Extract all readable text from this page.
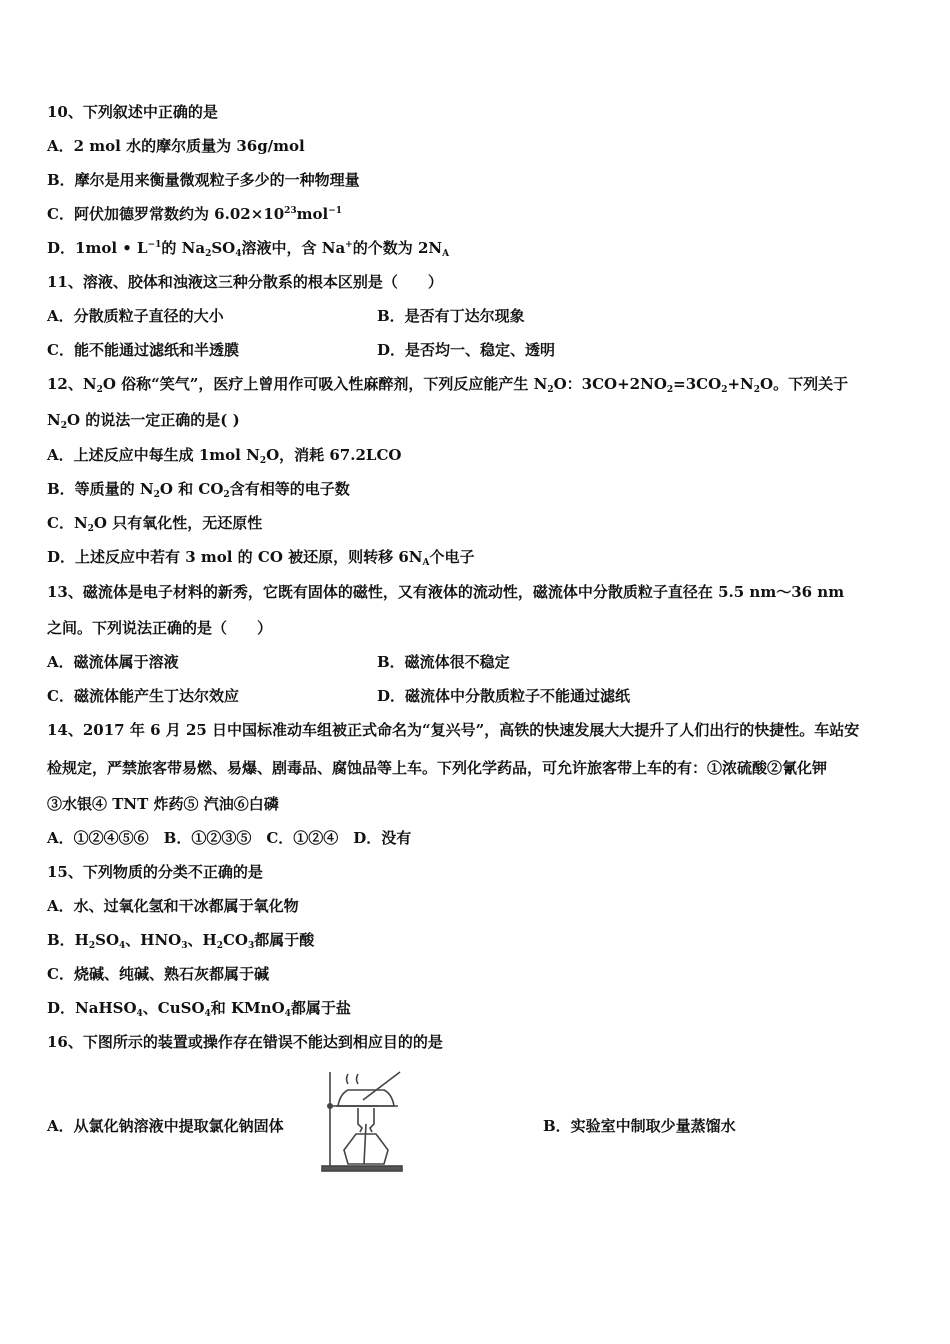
10、下列叙述中正确的是
A．2 mol 水的摩尔质量为 36g/mol
B．摩尔是用来衡量微观粒子多少的一种物理量
C．阿伏加德罗常数约为 $6.02\times 10^{23}mol^{-1}$
D．1mol • $L^{-1}$的 $Na_2SO_4$溶液中，含 Na+的个数为 $2N_A$
11、溶液、胶体和浊液这三种分散系的根本区别是（　　）
A．分散质粒子直径的大小	B．是否有丁达尔现象
C．能不能通过滤纸和半透膜	D．是否均一、稳定、透明
12、$N_2O$ 俗称“笑气”，医疗上曾用作可吸入性麻醉剂，下列反应能产生 $N_2O$：$3CO+2NO_2=3CO_2+N_2O$。下列关于
$N_2O$ 的说法一定正确的是( )
A．上述反应中每生成 1mol $N_2O$，消耗 67.2LCO
B．等质量的 $N_2O$ 和 $CO_2$含有相等的电子数
C．$N_2O$ 只有氧化性，无还原性
D．上述反应中若有 3 mol 的 CO 被还原，则转移 $6N_A$个电子
13、磁流体是电子材料的新秀，它既有固体的磁性，又有液体的流动性，磁流体中分散质粒子直径在 5.5 nm～36 nm
之间。下列说法正确的是（　　）
A．磁流体属于溶液	B．磁流体很不稳定
C．磁流体能产生丁达尔效应	D．磁流体中分散质粒子不能通过滤纸
14、2017 年 6 月 25 日中国标准动车组被正式命名为“复兴号”，高铁的快速发展大大提升了人们出行的快捷性。车站安
检规定，严禁旅客带易燃、易爆、剧毒品、腐蚀品等上车。下列化学药品，可允许旅客带上车的有：①浓硫酸②氰化钾
③水银④ TNT 炸药⑤ 汽油⑥白磷
A．①②④⑤⑥　B．①②③⑤　C．①②④　D．没有
15、下列物质的分类不正确的是
A．水、过氧化氢和干冰都属于氧化物
B．$H_2SO_4$、$HNO_3$、$H_2CO_3$都属于酸
C．烧碱、纯碱、熟石灰都属于碱
D．NaHSO$_4$、CuSO$_4$和 KMnO$_4$都属于盐
16、下图所示的装置或操作存在错误不能达到相应目的的是
A．从氯化钠溶液中提取氯化钠固体	B．实验室中制取少量蒸馏水
